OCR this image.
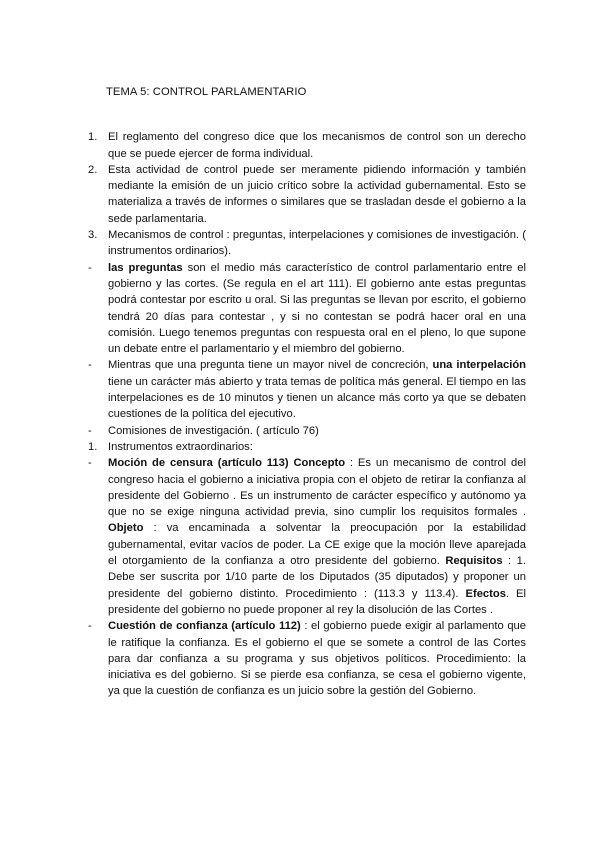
TEMA 5: CONTROL PARLAMENTARIO
1. El reglamento del congreso dice que los mecanismos de control son un derecho que se puede ejercer de forma individual.
2. Esta actividad de control puede ser meramente pidiendo información y también mediante la emisión de un juicio crítico sobre la actividad gubernamental. Esto se materializa a través de informes o similares que se trasladan desde el gobierno a la sede parlamentaria.
3. Mecanismos de control : preguntas, interpelaciones y comisiones de investigación. ( instrumentos ordinarios).
-	las preguntas son el medio más característico de control parlamentario entre el gobierno y las cortes. (Se regula en el art 111). El gobierno ante estas preguntas podrá contestar por escrito u oral. Si las preguntas se llevan por escrito, el gobierno tendrá 20 días para contestar , y si no contestan se podrá hacer oral en una comisión. Luego tenemos preguntas con respuesta oral en el pleno, lo que supone un debate entre el parlamentario y el miembro del gobierno.
-	Mientras que una pregunta tiene un mayor nivel de concreción, una interpelación tiene un carácter más abierto y trata temas de política más general. El tiempo en las interpelaciones es de 10 minutos y tienen un alcance más corto ya que se debaten cuestiones de la política del ejecutivo.
-	Comisiones de investigación. ( artículo 76)
1. Instrumentos extraordinarios:
-	Moción de censura (artículo 113) Concepto : Es un mecanismo de control del congreso hacia el gobierno a iniciativa propia con el objeto de retirar la confianza al presidente del Gobierno . Es un instrumento de carácter específico y autónomo ya que no se exige ninguna actividad previa, sino cumplir los requisitos formales . Objeto : va encaminada a solventar la preocupación por la estabilidad gubernamental, evitar vacíos de poder. La CE exige que la moción lleve aparejada el otorgamiento de la confianza a otro presidente del gobierno. Requisitos : 1. Debe ser suscrita por 1/10 parte de los Diputados (35 diputados) y proponer un presidente del gobierno distinto. Procedimiento : (113.3 y 113.4). Efectos. El presidente del gobierno no puede proponer al rey la disolución de las Cortes .
-	Cuestión de confianza (artículo 112) : el gobierno puede exigir al parlamento que le ratifique la confianza. Es el gobierno el que se somete a control de las Cortes para dar confianza a su programa y sus objetivos políticos. Procedimiento: la iniciativa es del gobierno. Si se pierde esa confianza, se cesa el gobierno vigente, ya que la cuestión de confianza es un juicio sobre la gestión del Gobierno.
